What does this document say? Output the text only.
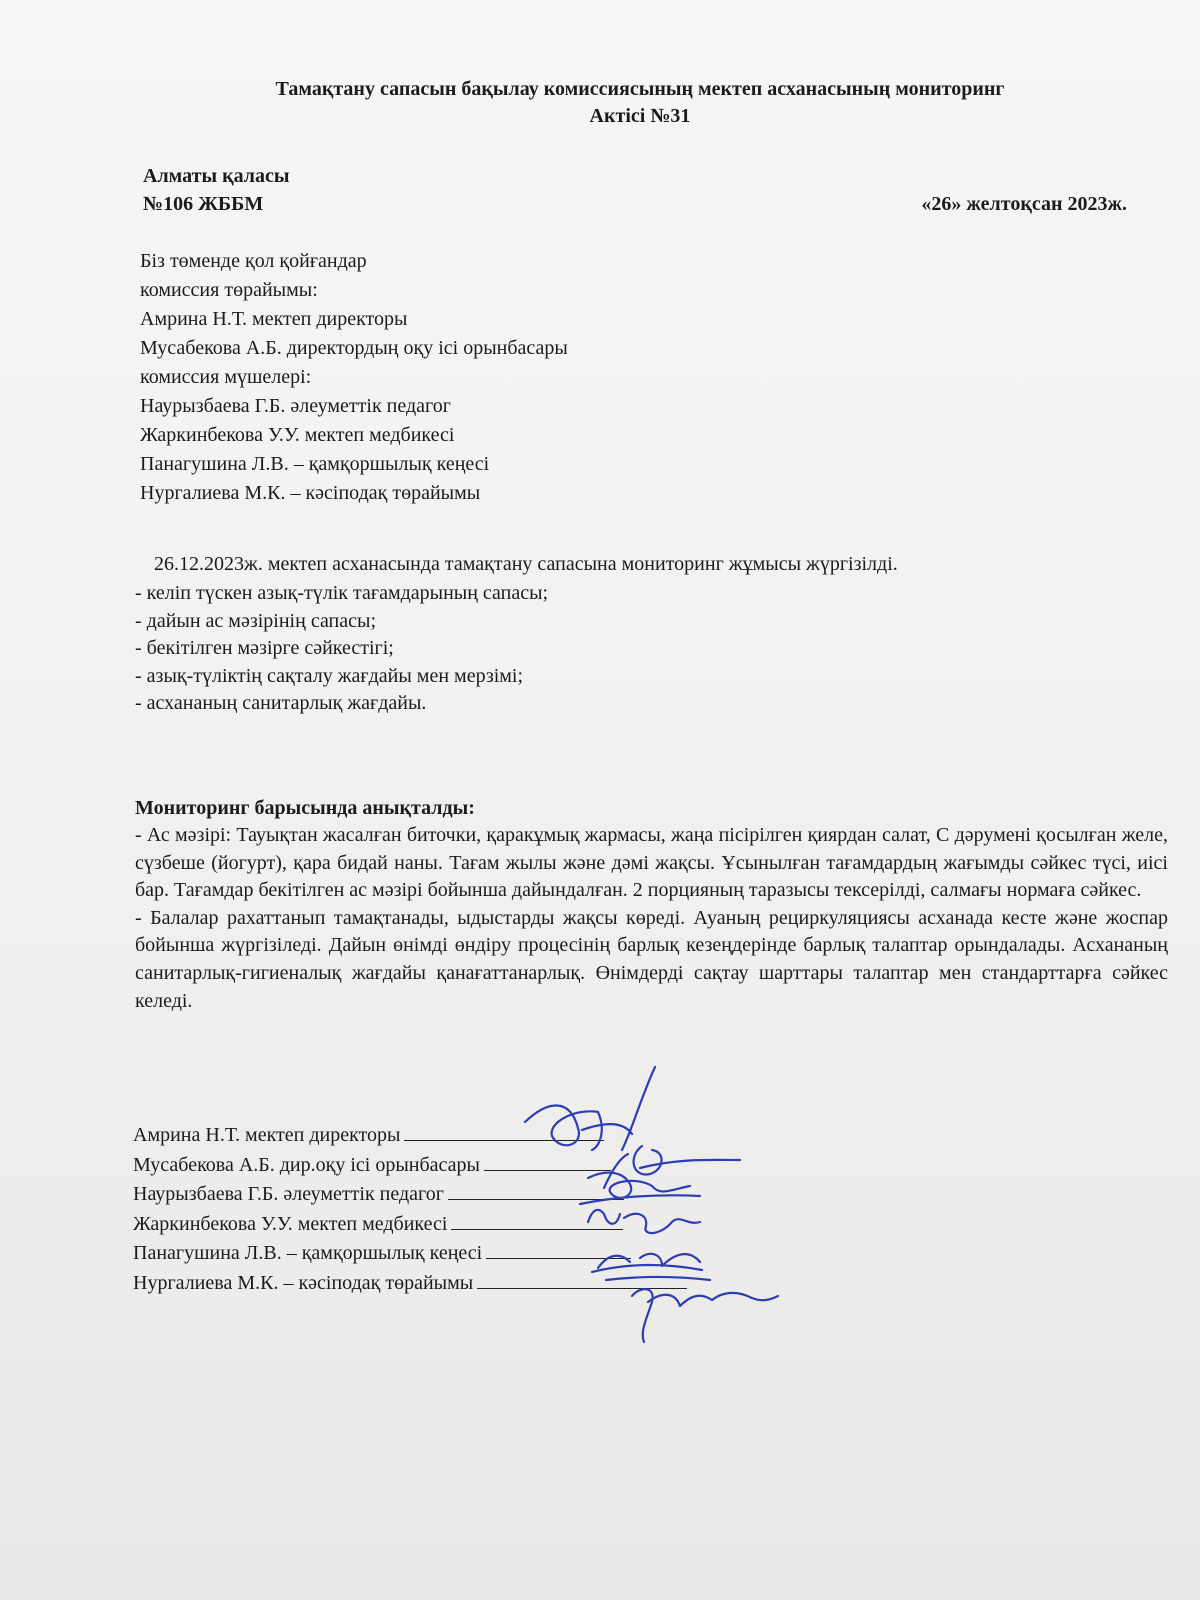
Тамақтану сапасын бақылау комиссиясының мектеп асханасының мониторинг
Актісі №31
Алматы қаласы
№106 ЖББМ	«26» желтоқсан 2023ж.
Біз төменде қол қойғандар
комиссия төрайымы:
Амрина Н.Т. мектеп директоры
Мусабекова А.Б. директордың оқу ісі орынбасары
комиссия мүшелері:
Наурызбаева Г.Б. әлеуметтік педагог
Жаркинбекова У.У. мектеп медбикесі
Панагушина Л.В. – қамқоршылық кеңесі
Нургалиева М.К. – кәсіподақ төрайымы
26.12.2023ж. мектеп асханасында тамақтану сапасына мониторинг жұмысы жүргізілді.
- келіп түскен азық-түлік тағамдарының сапасы;
- дайын ас мәзірінің сапасы;
- бекітілген мәзірге сәйкестігі;
- азық-түліктің сақталу жағдайы мен мерзімі;
- асхананың санитарлық жағдайы.
Мониторинг барысында анықталды:

- Ас мәзірі: Тауықтан жасалған биточки, қаракұмық жармасы, жаңа пісірілген қиярдан салат, С дәрумені қосылған желе, сүзбеше (йогурт), қара бидай наны. Тағам жылы және дәмі жақсы. Ұсынылған тағамдардың жағымды сәйкес түсі, иісі бар. Тағамдар бекітілген ас мәзірі бойынша дайындалған. 2 порцияның таразысы тексерілді, салмағы нормаға сәйкес.

- Балалар рахаттанып тамақтанады, ыдыстарды жақсы көреді. Ауаның рециркуляциясы асханада кесте және жоспар бойынша жүргізіледі. Дайын өнімді өндіру процесінің барлық кезеңдерінде барлық талаптар орындалады. Асхананың санитарлық-гигиеналық жағдайы қанағаттанарлық. Өнімдерді сақтау шарттары талаптар мен стандарттарға сәйкес келеді.

Амрина Н.Т. мектеп директоры
Мусабекова А.Б. дир.оқу ісі орынбасары
Наурызбаева Г.Б. әлеуметтік педагог
Жаркинбекова У.У. мектеп медбикесі
Панагушина Л.В. – қамқоршылық кеңесі
Нургалиева М.К. – кәсіподақ төрайымы
